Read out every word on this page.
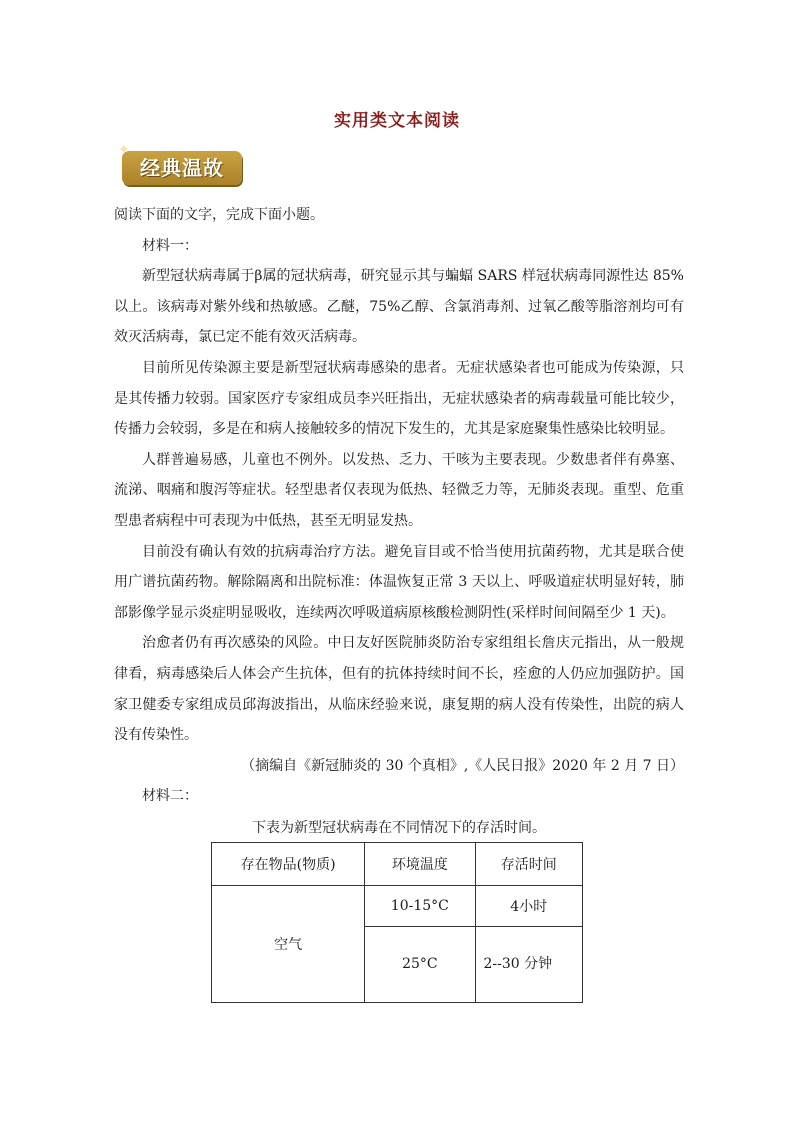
实用类文本阅读
经典温故
✦

阅读下面的文字，完成下面小题。

材料一：

新型冠状病毒属于β属的冠状病毒，研究显示其与蝙蝠 SARS 样冠状病毒同源性达 85%以上。该病毒对紫外线和热敏感。乙醚，75%乙醇、含氯消毒剂、过氧乙酸等脂溶剂均可有效灭活病毒，氯已定不能有效灭活病毒。

目前所见传染源主要是新型冠状病毒感染的患者。无症状感染者也可能成为传染源，只是其传播力较弱。国家医疗专家组成员李兴旺指出，无症状感染者的病毒载量可能比较少，传播力会较弱，多是在和病人接触较多的情况下发生的，尤其是家庭聚集性感染比较明显。

人群普遍易感，儿童也不例外。以发热、乏力、干咳为主要表现。少数患者伴有鼻塞、流涕、咽痛和腹泻等症状。轻型患者仅表现为低热、轻微乏力等，无肺炎表现。重型、危重型患者病程中可表现为中低热，甚至无明显发热。

目前没有确认有效的抗病毒治疗方法。避免盲目或不恰当使用抗菌药物，尤其是联合使用广谱抗菌药物。解除隔离和出院标准：体温恢复正常 3 天以上、呼吸道症状明显好转，肺部影像学显示炎症明显吸收，连续两次呼吸道病原核酸检测阴性(采样时间间隔至少 1 天)。

治愈者仍有再次感染的风险。中日友好医院肺炎防治专家组组长詹庆元指出，从一般规律看，病毒感染后人体会产生抗体，但有的抗体持续时间不长，痊愈的人仍应加强防护。国家卫健委专家组成员邱海波指出，从临床经验来说，康复期的病人没有传染性，出院的病人没有传染性。

（摘编自《新冠肺炎的 30 个真相》,《人民日报》2020 年 2 月 7 日）

材料二：

下表为新型冠状病毒在不同情况下的存活时间。

存在物品(物质)	环境温度	存活时间
空气	10-15°C	4小时
	25°C	2--30 分钟
